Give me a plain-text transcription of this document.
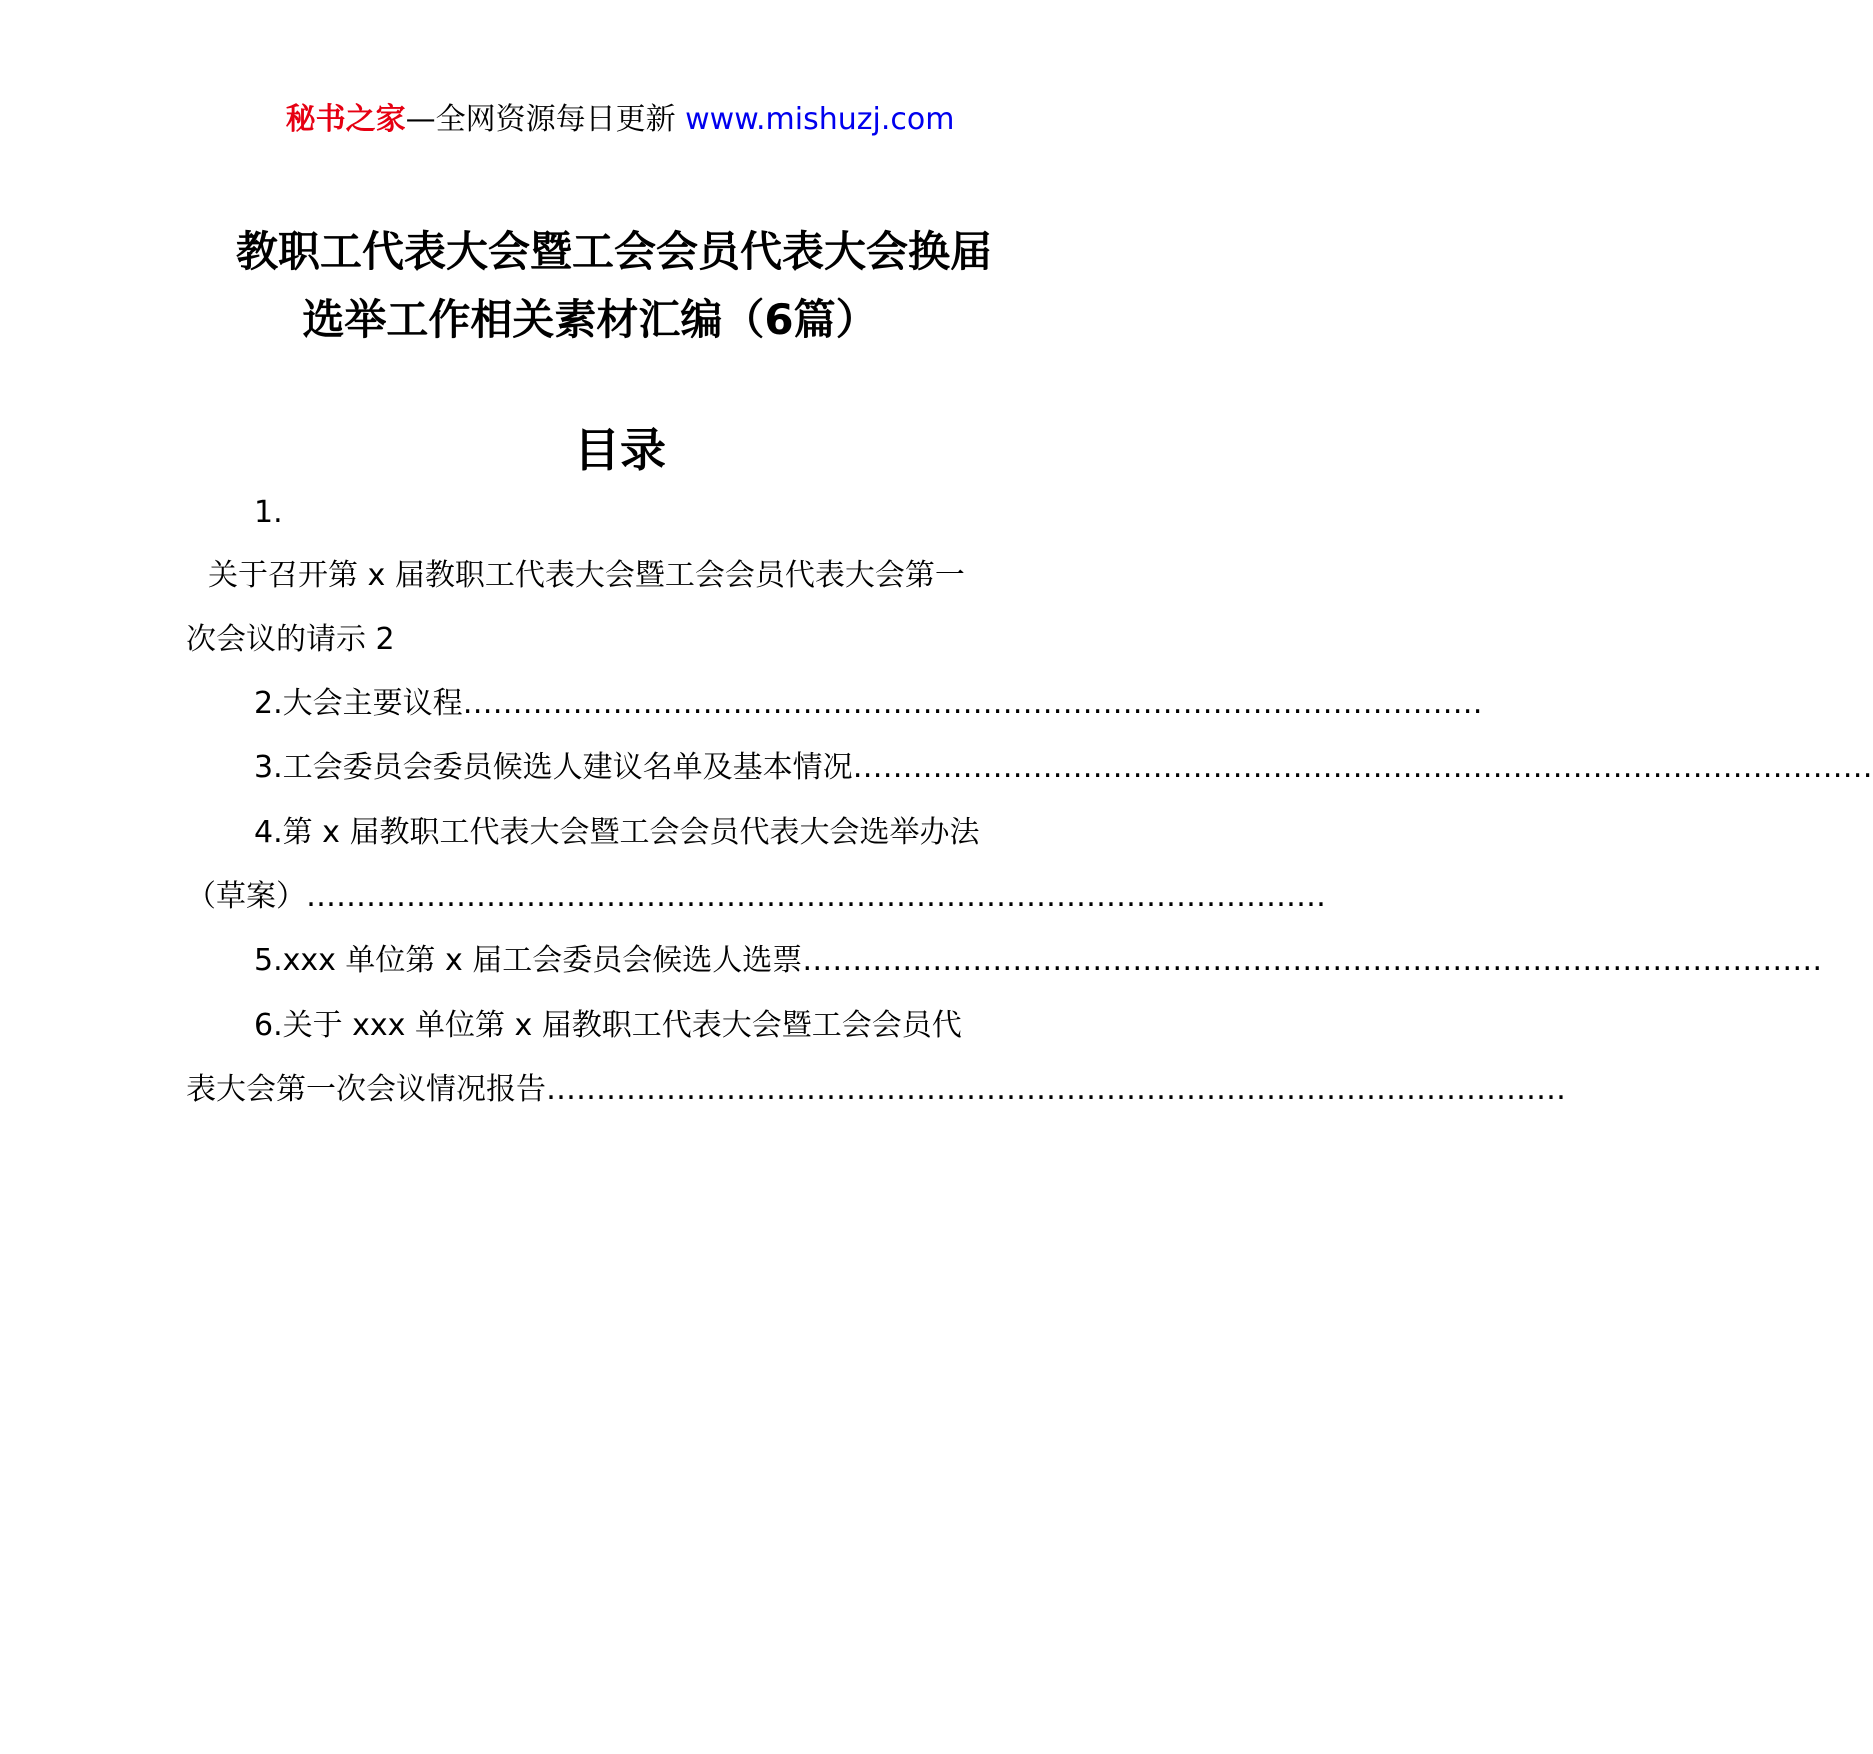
秘书之家—全网资源每日更新 www.mishuzj.com
教职工代表大会暨工会会员代表大会换届
选举工作相关素材汇编（6篇）
目录
1.
关于召开第 x 届教职工代表大会暨工会会员代表大会第一
次会议的请示 2
2.大会主要议程…………………………………………………………………………………………
3.工会委员会委员候选人建议名单及基本情况…………………………………………………………………………………………
4.第 x 届教职工代表大会暨工会会员代表大会选举办法
（草案）…………………………………………………………………………………………
5.xxx 单位第 x 届工会委员会候选人选票…………………………………………………………………………………………
6.关于 xxx 单位第 x 届教职工代表大会暨工会会员代
表大会第一次会议情况报告…………………………………………………………………………………………
